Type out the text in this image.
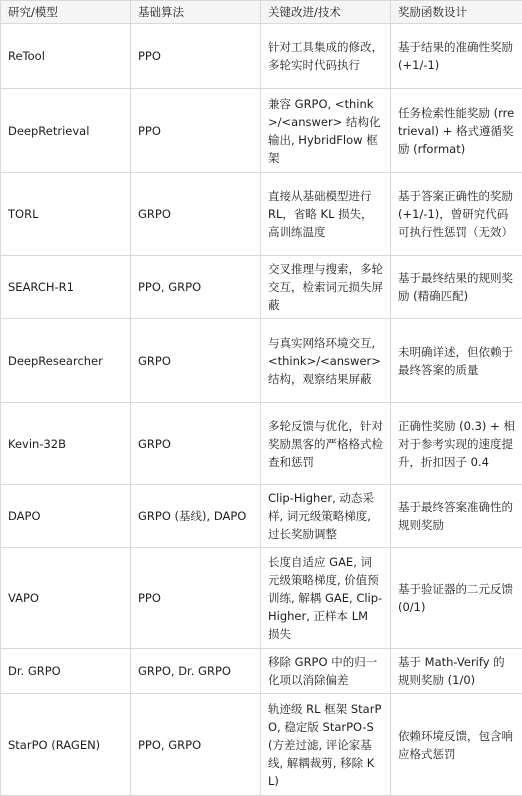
研究/模型	基础算法	关键改进/技术	奖励函数设计
ReTool	PPO	针对工具集成的修改，多轮实时代码执行	基于结果的准确性奖励 (+1/-1)
DeepRetrieval	PPO	兼容 GRPO, <think>/<answer> 结构化输出, HybridFlow 框架	任务检索性能奖励 (rretrieval) + 格式遵循奖励 (rformat)
TORL	GRPO	直接从基础模型进行 RL，省略 KL 损失，高训练温度	基于答案正确性的奖励 (+1/-1)，曾研究代码可执行性惩罚（无效）
SEARCH-R1	PPO, GRPO	交叉推理与搜索，多轮交互，检索词元损失屏蔽	基于最终结果的规则奖励 (精确匹配)
DeepResearcher	GRPO	与真实网络环境交互, <think>/<answer> 结构，观察结果屏蔽	未明确详述，但依赖于最终答案的质量
Kevin-32B	GRPO	多轮反馈与优化，针对奖励黑客的严格格式检查和惩罚	正确性奖励 (0.3) + 相对于参考实现的速度提升，折扣因子 0.4
DAPO	GRPO (基线), DAPO	Clip-Higher, 动态采样, 词元级策略梯度, 过长奖励调整	基于最终答案准确性的规则奖励
VAPO	PPO	长度自适应 GAE, 词元级策略梯度, 价值预训练, 解耦 GAE, Clip-Higher, 正样本 LM 损失	基于验证器的二元反馈 (0/1)
Dr. GRPO	GRPO, Dr. GRPO	移除 GRPO 中的归一化项以消除偏差	基于 Math-Verify 的规则奖励 (1/0)
StarPO (RAGEN)	PPO, GRPO	轨迹级 RL 框架 StarPO, 稳定版 StarPO-S (方差过滤, 评论家基线, 解耦裁剪, 移除 KL)	依赖环境反馈，包含响应格式惩罚
